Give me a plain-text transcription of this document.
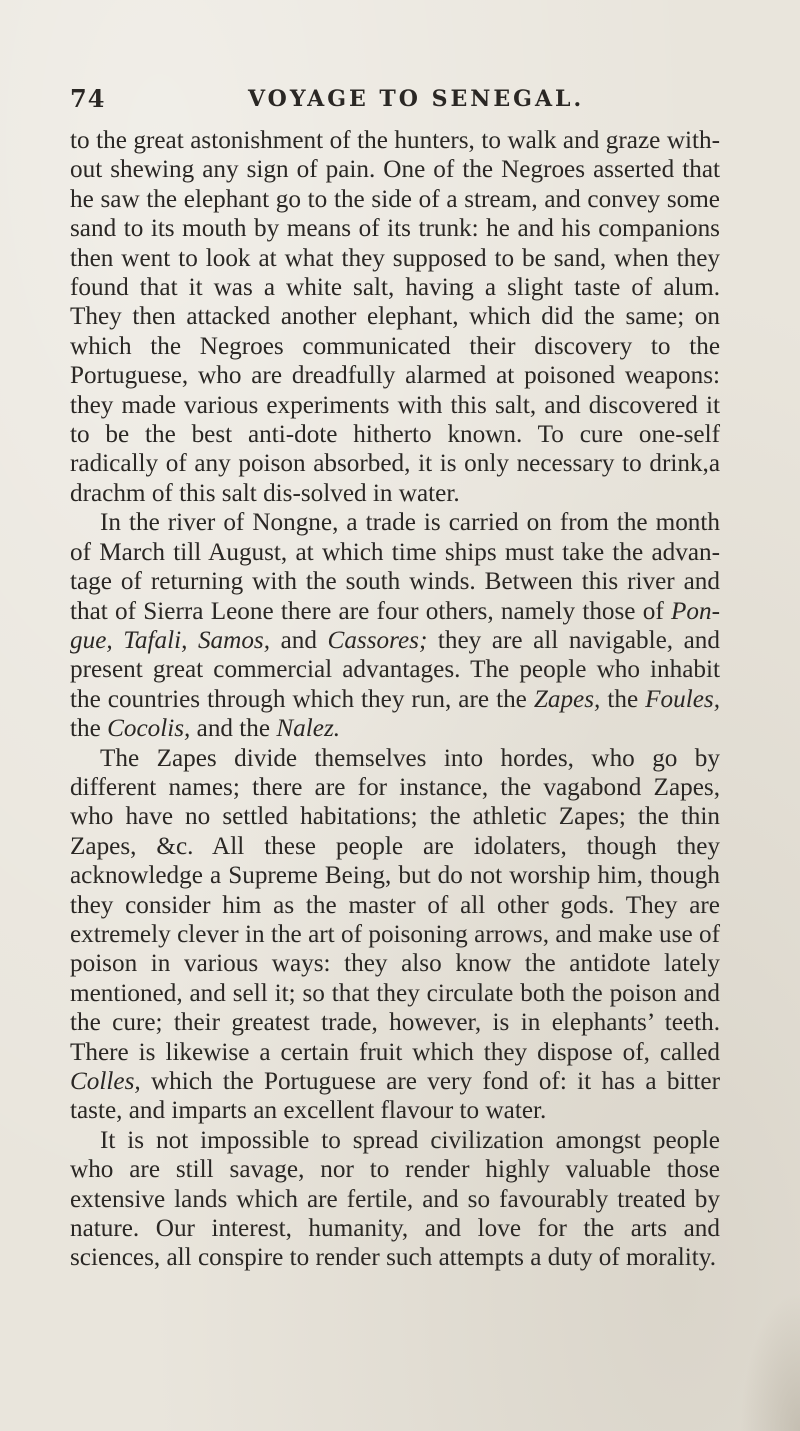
74	VOYAGE TO SENEGAL.

to the great astonishment of the hunters, to walk and graze with-out shewing any sign of pain. One of the Negroes asserted that he saw the elephant go to the side of a stream, and convey some sand to its mouth by means of its trunk: he and his companions then went to look at what they supposed to be sand, when they found that it was a white salt, having a slight taste of alum. They then attacked another elephant, which did the same; on which the Negroes communicated their discovery to the Portuguese, who are dreadfully alarmed at poisoned weapons: they made various experiments with this salt, and discovered it to be the best anti-dote hitherto known. To cure one-self radically of any poison absorbed, it is only necessary to drink,a drachm of this salt dis-solved in water.

In the river of Nongne, a trade is carried on from the month of March till August, at which time ships must take the advan-tage of returning with the south winds. Between this river and that of Sierra Leone there are four others, namely those of Pon-gue, Tafali, Samos, and Cassores; they are all navigable, and present great commercial advantages. The people who inhabit the countries through which they run, are the Zapes, the Foules, the Cocolis, and the Nalez.

The Zapes divide themselves into hordes, who go by different names; there are for instance, the vagabond Zapes, who have no settled habitations; the athletic Zapes; the thin Zapes, &c. All these people are idolaters, though they acknowledge a Supreme Being, but do not worship him, though they consider him as the master of all other gods. They are extremely clever in the art of poisoning arrows, and make use of poison in various ways: they also know the antidote lately mentioned, and sell it; so that they circulate both the poison and the cure; their greatest trade, however, is in elephants’ teeth. There is likewise a certain fruit which they dispose of, called Colles, which the Portuguese are very fond of: it has a bitter taste, and imparts an excellent flavour to water.

It is not impossible to spread civilization amongst people who are still savage, nor to render highly valuable those extensive lands which are fertile, and so favourably treated by nature. Our interest, humanity, and love for the arts and sciences, all conspire to render such attempts a duty of morality.
